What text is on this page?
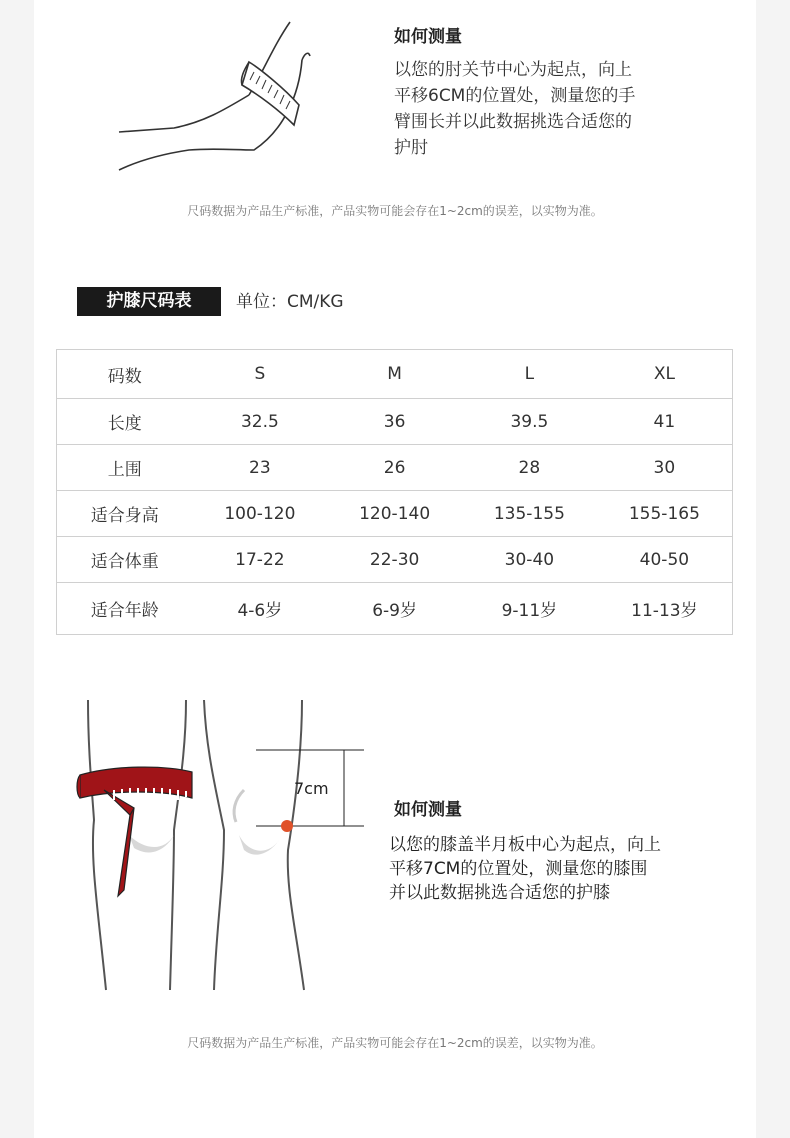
如何测量
以您的肘关节中心为起点，向上
平移6CM的位置处，测量您的手
臂围长并以此数据挑选合适您的
护肘
尺码数据为产品生产标准，产品实物可能会存在1~2cm的误差，以实物为准。
护膝尺码表	单位：CM/KG
码数	S	M	L	XL
长度	32.5	36	39.5	41
上围	23	26	28	30
适合身高	100-120	120-140	135-155	155-165
适合体重	17-22	22-30	30-40	40-50
适合年龄	4-6岁	6-9岁	9-11岁	11-13岁
7cm
如何测量
以您的膝盖半月板中心为起点，向上
平移7CM的位置处，测量您的膝围
并以此数据挑选合适您的护膝
尺码数据为产品生产标准，产品实物可能会存在1~2cm的误差，以实物为准。
